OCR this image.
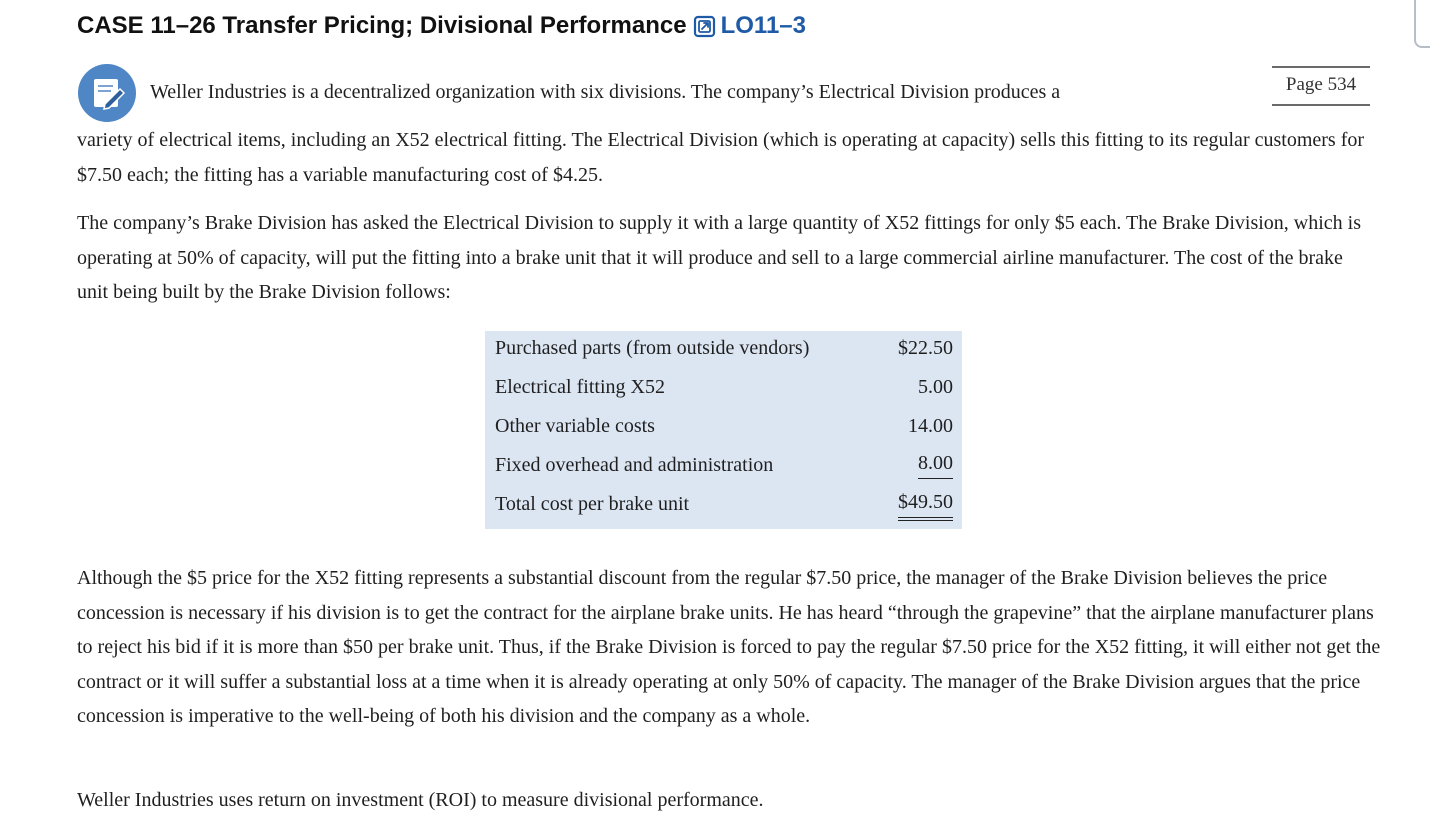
CASE 11–26 Transfer Pricing; Divisional Performance LO11–3
Page 534

Weller Industries is a decentralized organization with six divisions. The company’s Electrical Division produces a

variety of electrical items, including an X52 electrical fitting. The Electrical Division (which is operating at capacity) sells this fitting to its regular customers for $7.50 each; the fitting has a variable manufacturing cost of $4.25.

The company’s Brake Division has asked the Electrical Division to supply it with a large quantity of X52 fittings for only $5 each. The Brake Division, which is operating at 50% of capacity, will put the fitting into a brake unit that it will produce and sell to a large commercial airline manufacturer. The cost of the brake unit being built by the Brake Division follows:

Purchased parts (from outside vendors)	$22.50
Electrical fitting X52	5.00
Other variable costs	14.00
Fixed overhead and administration	8.00
Total cost per brake unit	$49.50

Although the $5 price for the X52 fitting represents a substantial discount from the regular $7.50 price, the manager of the Brake Division believes the price concession is necessary if his division is to get the contract for the airplane brake units. He has heard “through the grapevine” that the airplane manufacturer plans to reject his bid if it is more than $50 per brake unit. Thus, if the Brake Division is forced to pay the regular $7.50 price for the X52 fitting, it will either not get the contract or it will suffer a substantial loss at a time when it is already operating at only 50% of capacity. The manager of the Brake Division argues that the price concession is imperative to the well-being of both his division and the company as a whole.

Weller Industries uses return on investment (ROI) to measure divisional performance.
